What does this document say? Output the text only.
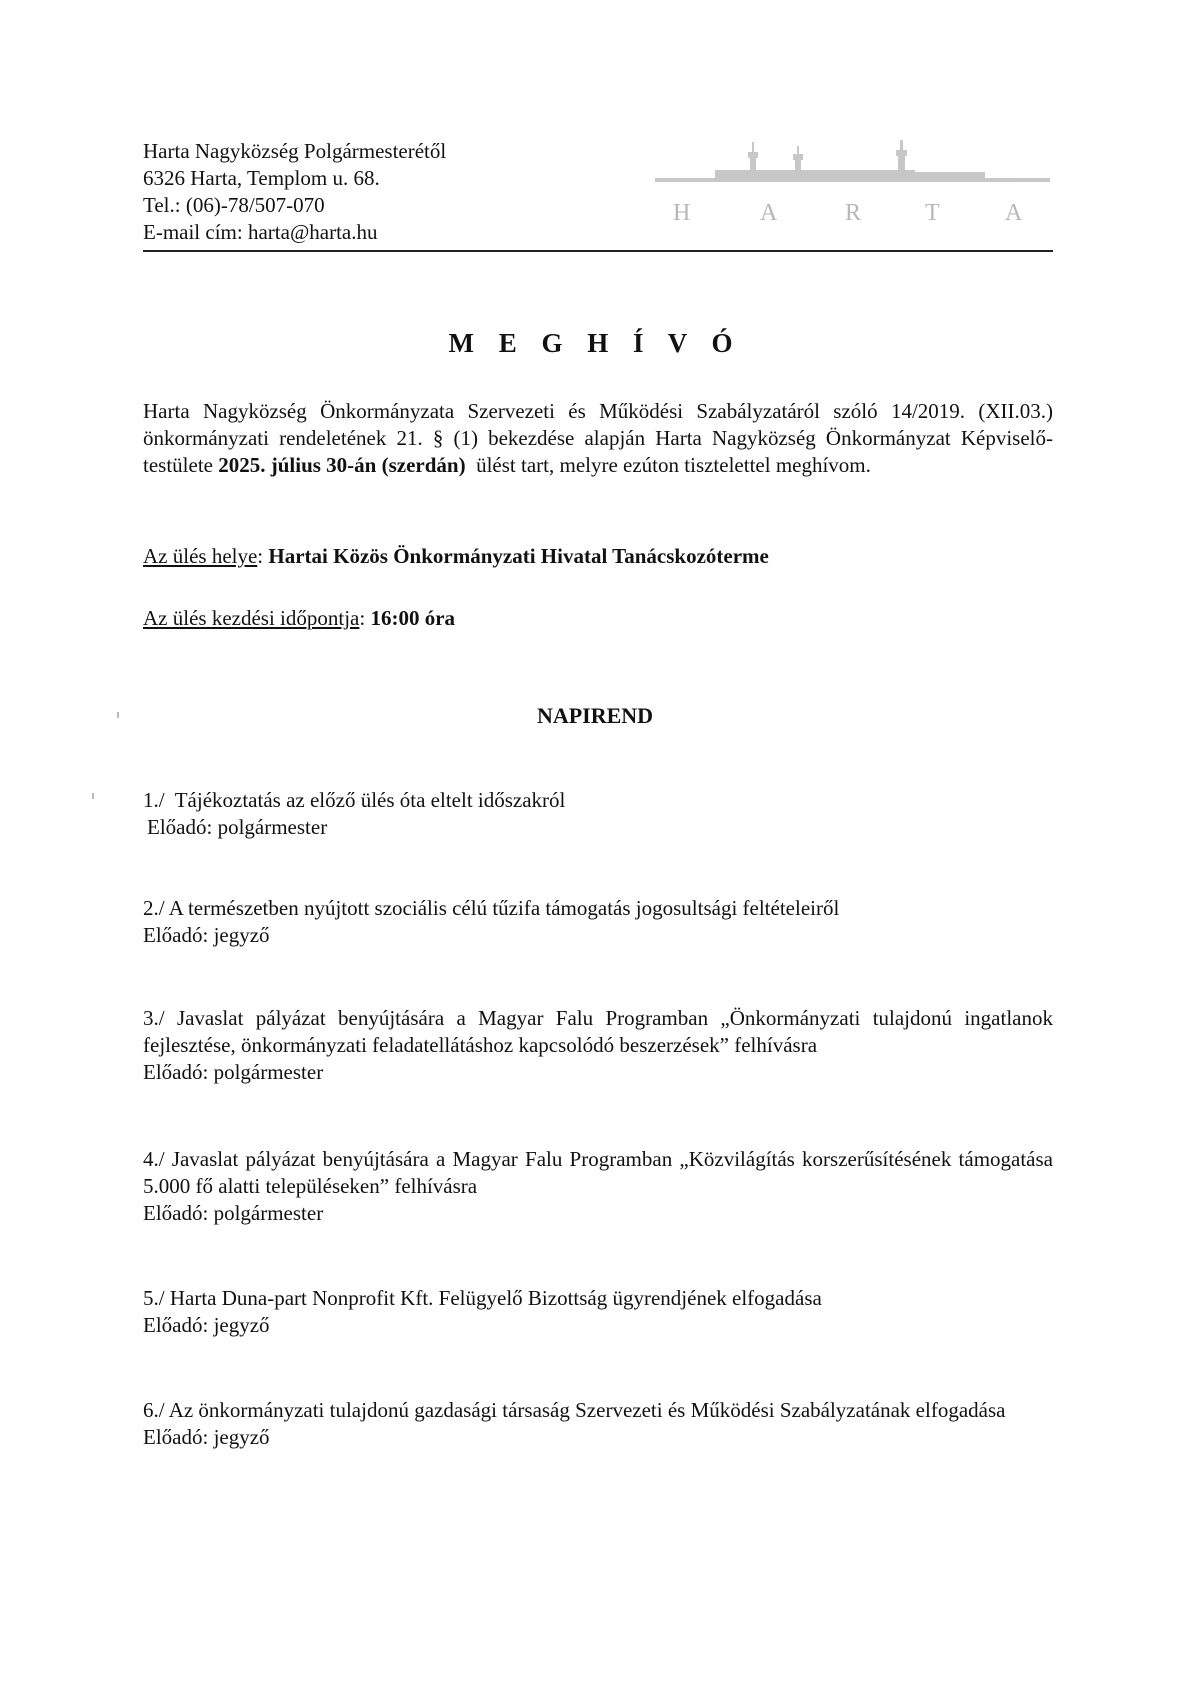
Harta Nagyközség Polgármesterétől
6326 Harta, Templom u. 68.
Tel.: (06)-78/507-070
E-mail cím: harta@harta.hu
H	A	R	T	A
M E G H Í V Ó
Harta Nagyközség Önkormányzata Szervezeti és Működési Szabályzatáról szóló 14/2019. (XII.03.) önkormányzati rendeletének 21. § (1) bekezdése alapján Harta Nagyközség Önkormányzat Képviselő-testülete 2025. július 30-án (szerdán)  ülést tart, melyre ezúton tisztelettel meghívom.
Az ülés helye: Hartai Közös Önkormányzati Hivatal Tanácskozóterme
Az ülés kezdési időpontja: 16:00 óra
NAPIREND
1./ Tájékoztatás az előző ülés óta eltelt időszakról
Előadó: polgármester
2./ A természetben nyújtott szociális célú tűzifa támogatás jogosultsági feltételeiről
Előadó: jegyző
3./ Javaslat pályázat benyújtására a Magyar Falu Programban „Önkormányzati tulajdonú ingatlanok fejlesztése, önkormányzati feladatellátáshoz kapcsolódó beszerzések” felhívásra
Előadó: polgármester
4./ Javaslat pályázat benyújtására a Magyar Falu Programban „Közvilágítás korszerűsítésének támogatása 5.000 fő alatti településeken” felhívásra
Előadó: polgármester
5./ Harta Duna-part Nonprofit Kft. Felügyelő Bizottság ügyrendjének elfogadása
Előadó: jegyző
6./ Az önkormányzati tulajdonú gazdasági társaság Szervezeti és Működési Szabályzatának elfogadása
Előadó: jegyző
